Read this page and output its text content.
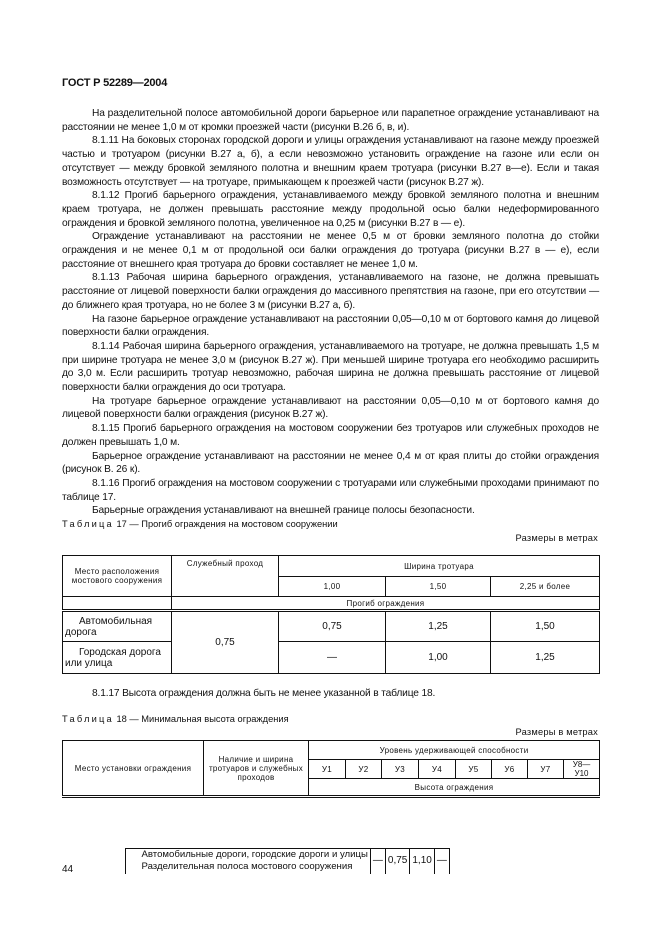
ГОСТ Р 52289—2004

На разделительной полосе автомобильной дороги барьерное или парапетное ограждение устанавливают на расстоянии не менее 1,0 м от кромки проезжей части (рисунки В.26 б, в, и).

8.1.11 На боковых сторонах городской дороги и улицы ограждения устанавливают на газоне между проезжей частью и тротуаром (рисунки В.27 а, б), а если невозможно установить ограждение на газоне или если он отсутствует — между бровкой земляного полотна и внешним краем тротуара (рисунки В.27 в—е). Если и такая возможность отсутствует — на тротуаре, примыкающем к проезжей части (рисунок В.27 ж).

8.1.12 Прогиб барьерного ограждения, устанавливаемого между бровкой земляного полотна и внешним краем тротуара, не должен превышать расстояние между продольной осью балки недеформированного ограждения и бровкой земляного полотна, увеличенное на 0,25 м (рисунки В.27 в — е).

Ограждение устанавливают на расстоянии не менее 0,5 м от бровки земляного полотна до стойки ограждения и не менее 0,1 м от продольной оси балки ограждения до тротуара (рисунки В.27 в — е), если расстояние от внешнего края тротуара до бровки составляет не менее 1,0 м.

8.1.13 Рабочая ширина барьерного ограждения, устанавливаемого на газоне, не должна превышать расстояние от лицевой поверхности балки ограждения до массивного препятствия на газоне, при его отсутствии — до ближнего края тротуара, но не более 3 м (рисунки В.27 а, б).

На газоне барьерное ограждение устанавливают на расстоянии 0,05—0,10 м от бортового камня до лицевой поверхности балки ограждения.

8.1.14 Рабочая ширина барьерного ограждения, устанавливаемого на тротуаре, не должна превышать 1,5 м при ширине тротуара не менее 3,0 м (рисунок В.27 ж). При меньшей ширине тротуара его необходимо расширить до 3,0 м. Если расширить тротуар невозможно, рабочая ширина не должна превышать расстояние от лицевой поверхности балки ограждения до оси тротуара.

На тротуаре барьерное ограждение устанавливают на расстоянии 0,05—0,10 м от бортового камня до лицевой поверхности балки ограждения (рисунок В.27 ж).

8.1.15 Прогиб барьерного ограждения на мостовом сооружении без тротуаров или служебных проходов не должен превышать 1,0 м.

Барьерное ограждение устанавливают на расстоянии не менее 0,4 м от края плиты до стойки ограждения (рисунок В. 26 к).

8.1.16 Прогиб ограждения на мостовом сооружении с тротуарами или служебными проходами принимают по таблице 17.

Барьерные ограждения устанавливают на внешней границе полосы безопасности.

Таблица 17 — Прогиб ограждения на мостовом сооружении
Размеры в метрах
Место расположения мостового сооружения	Служебный проход	Ширина тротуара		
		1,00	1,50	2,25 и более
	Прогиб ограждения			
Автомобильная дорога	0,75	0,75	1,25	1,50
Городская дорога или улица		—	1,00	1,25
8.1.17 Высота ограждения должна быть не менее указанной в таблице 18.
Таблица 18 — Минимальная высота ограждения
Размеры в метрах
Место установки ограждения	Наличие и ширина тротуаров и служебных проходов	Уровень удерживающей способности
У1	У2	У3	У4	У5	У6	У7	У8—У10
Высота ограждения

Автомобильные дороги, городские дороги и улицы
Разделительная полоса мостового сооружения	—	0,75	1,10	—
44
